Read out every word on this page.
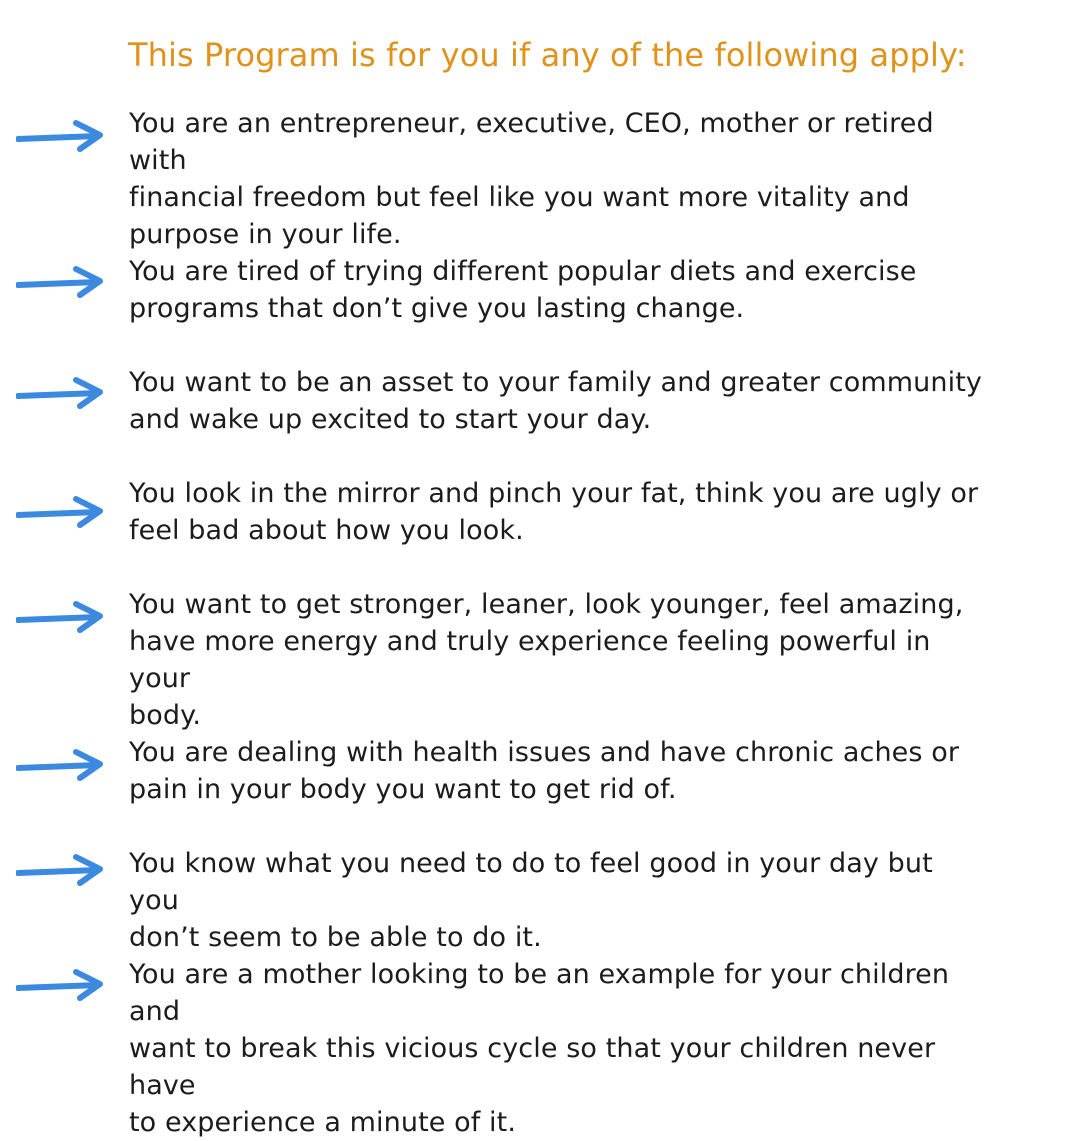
This Program is for you if any of the following apply:

You are an entrepreneur, executive, CEO, mother or retired with
financial freedom but feel like you want more vitality and
purpose in your life.

You are tired of trying different popular diets and exercise
programs that don’t give you lasting change.

You want to be an asset to your family and greater community
and wake up excited to start your day.

You look in the mirror and pinch your fat, think you are ugly or
feel bad about how you look.

You want to get stronger, leaner, look younger, feel amazing,
have more energy and truly experience feeling powerful in your
body.

You are dealing with health issues and have chronic aches or
pain in your body you want to get rid of.

You know what you need to do to feel good in your day but you
don’t seem to be able to do it.

You are a mother looking to be an example for your children and
want to break this vicious cycle so that your children never have
to experience a minute of it.
